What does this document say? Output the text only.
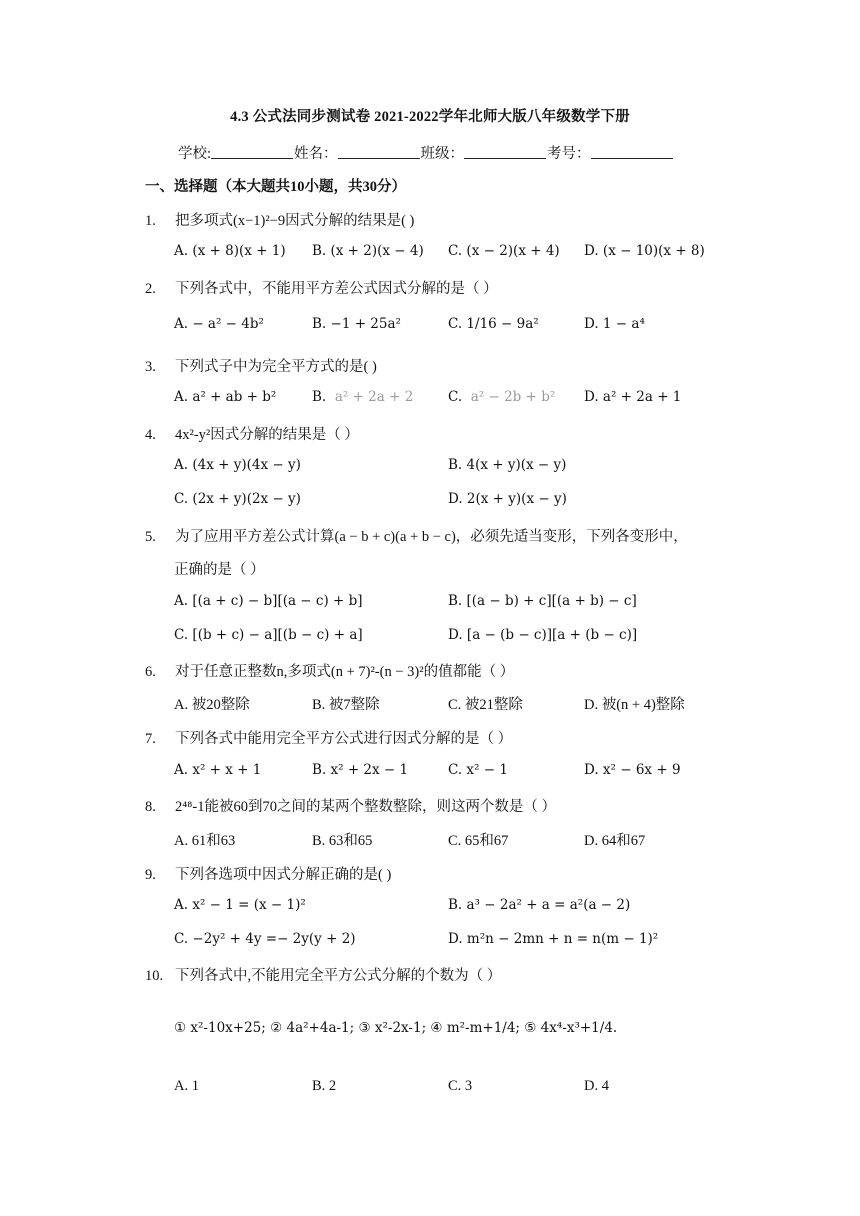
4.3 公式法同步测试卷 2021-2022学年北师大版八年级数学下册
学校:	姓名：	班级：	考号：
一、选择题（本大题共10小题，共30分）
1. 把多项式(x−1)²−9因式分解的结果是( )
A. (x + 8)(x + 1) B. (x + 2)(x − 4) C. (x − 2)(x + 4) D. (x − 10)(x + 8)
2. 下列各式中，不能用平方差公式因式分解的是（ ）
A. − a² − 4b²	B. −1 + 25a²	C. 1/16 − 9a²	D. 1 − a⁴
3. 下列式子中为完全平方式的是( )
A. a² + ab + b²	B. a² + 2a + 2	C. a² − 2b + b² D. a² + 2a + 1
4. 4x²-y²因式分解的结果是（ ）
A. (4x + y)(4x − y)	B. 4(x + y)(x − y)
C. (2x + y)(2x − y)	D. 2(x + y)(x − y)
5. 为了应用平方差公式计算(a − b + c)(a + b − c)，必须先适当变形，下列各变形中，
正确的是（ ）
A. [(a + c) − b][(a − c) + b]	B. [(a − b) + c][(a + b) − c]
C. [(b + c) − a][(b − c) + a]	D. [a − (b − c)][a + (b − c)]
6. 对于任意正整数n,多项式(n + 7)²-(n − 3)²的值都能（ ）
A. 被20整除	B. 被7整除	C. 被21整除	D. 被(n + 4)整除
7. 下列各式中能用完全平方公式进行因式分解的是（ ）
A. x² + x + 1	B. x² + 2x − 1	C. x² − 1	D. x² − 6x + 9
8. 2⁴⁸-1能被60到70之间的某两个整数整除，则这两个数是（ ）
A. 61和63	B. 63和65	C. 65和67	D. 64和67
9. 下列各选项中因式分解正确的是( )
A. x² − 1 = (x − 1)²	B. a³ − 2a² + a = a²(a − 2)
C. −2y² + 4y =− 2y(y + 2)	D. m²n − 2mn + n = n(m − 1)²
10. 下列各式中,不能用完全平方公式分解的个数为（ ）
① x²-10x+25; ② 4a²+4a-1; ③ x²-2x-1; ④ m²-m+1/4; ⑤ 4x⁴-x³+1/4.
A. 1	B. 2	C. 3	D. 4
